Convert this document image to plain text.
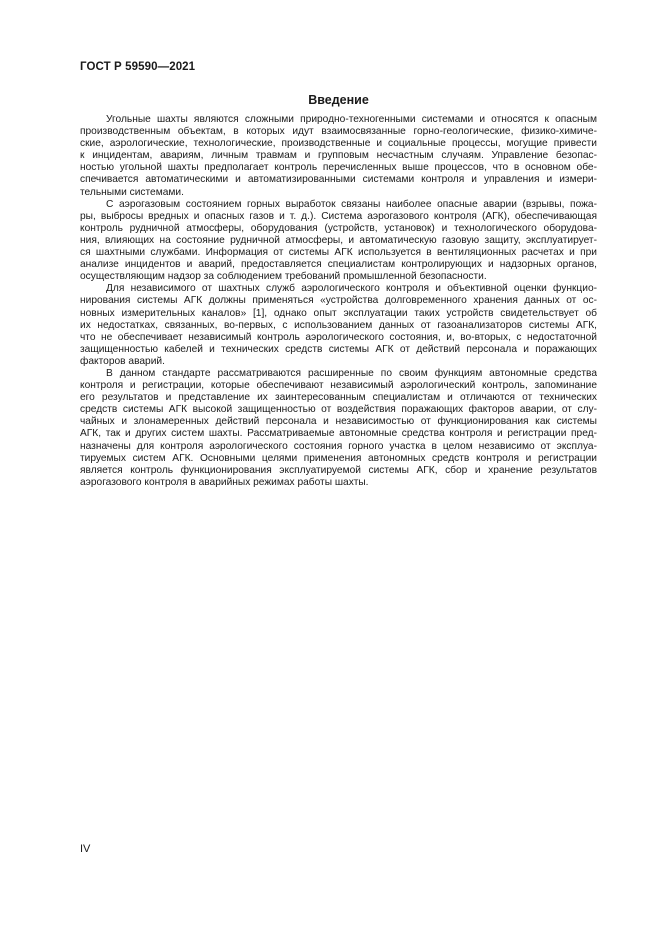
ГОСТ Р 59590—2021
Введение
Угольные шахты являются сложными природно-техногенными системами и относятся к опасным
производственным объектам, в которых идут взаимосвязанные горно-геологические, физико-химиче-
ские, аэрологические, технологические, производственные и социальные процессы, могущие привести
к инцидентам, авариям, личным травмам и групповым несчастным случаям. Управление безопас-
ностью угольной шахты предполагает контроль перечисленных выше процессов, что в основном обе-
спечивается автоматическими и автоматизированными системами контроля и управления и измери-
тельными системами.
С аэрогазовым состоянием горных выработок связаны наиболее опасные аварии (взрывы, пожа-
ры, выбросы вредных и опасных газов и т. д.). Система аэрогазового контроля (АГК), обеспечивающая
контроль рудничной атмосферы, оборудования (устройств, установок) и технологического оборудова-
ния, влияющих на состояние рудничной атмосферы, и автоматическую газовую защиту, эксплуатирует-
ся шахтными службами. Информация от системы АГК используется в вентиляционных расчетах и при
анализе инцидентов и аварий, предоставляется специалистам контролирующих и надзорных органов,
осуществляющим надзор за соблюдением требований промышленной безопасности.
Для независимого от шахтных служб аэрологического контроля и объективной оценки функцио-
нирования системы АГК должны применяться «устройства долговременного хранения данных от ос-
новных измерительных каналов» [1], однако опыт эксплуатации таких устройств свидетельствует об
их недостатках, связанных, во-первых, с использованием данных от газоанализаторов системы АГК,
что не обеспечивает независимый контроль аэрологического состояния, и, во-вторых, с недостаточной
защищенностью кабелей и технических средств системы АГК от действий персонала и поражающих
факторов аварий.
В данном стандарте рассматриваются расширенные по своим функциям автономные средства
контроля и регистрации, которые обеспечивают независимый аэрологический контроль, запоминание
его результатов и представление их заинтересованным специалистам и отличаются от технических
средств системы АГК высокой защищенностью от воздействия поражающих факторов аварии, от слу-
чайных и злонамеренных действий персонала и независимостью от функционирования как системы
АГК, так и других систем шахты. Рассматриваемые автономные средства контроля и регистрации пред-
назначены для контроля аэрологического состояния горного участка в целом независимо от эксплуа-
тируемых систем АГК. Основными целями применения автономных средств контроля и регистрации
является контроль функционирования эксплуатируемой системы АГК, сбор и хранение результатов
аэрогазового контроля в аварийных режимах работы шахты.
IV
